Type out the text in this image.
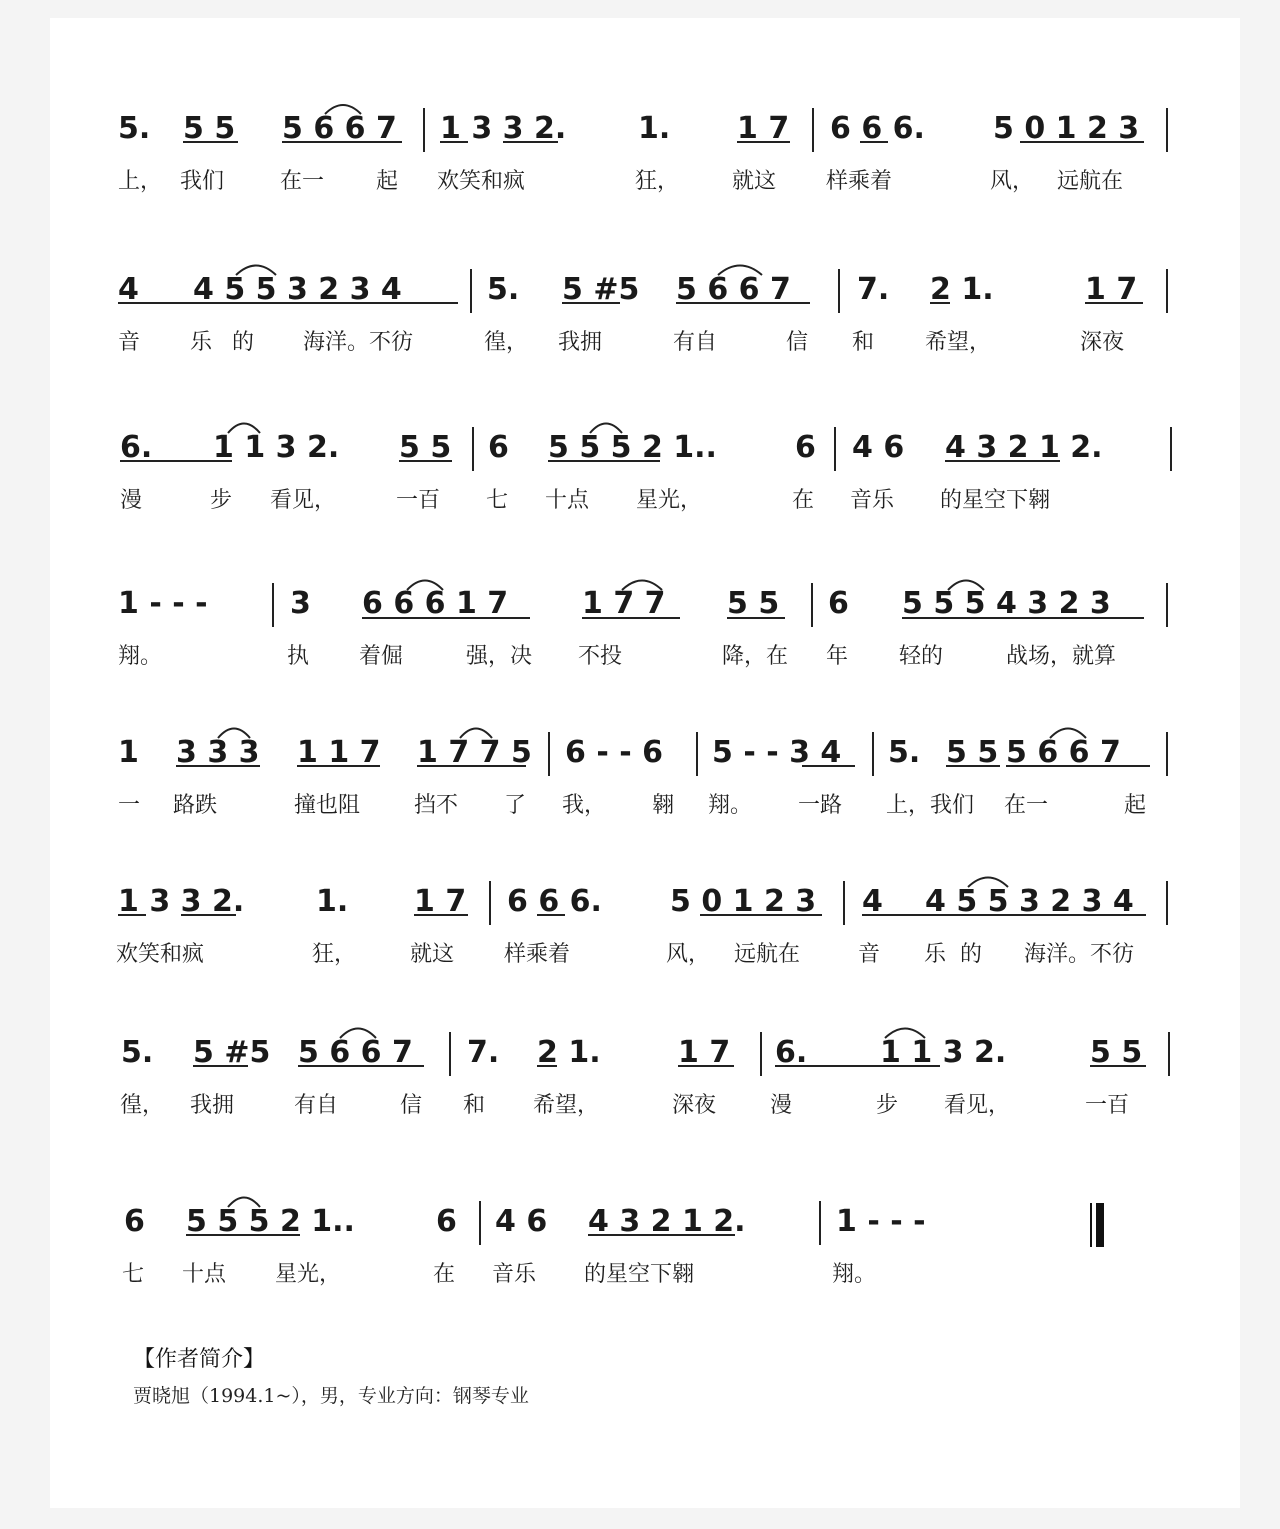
5. 5 5 5 6 6 7 1 3 3 2. 1. 1 7 6 6 6. 5 0 1 2 3
上， 我们	在一 起 欢笑和疯	狂， 就这 样乘着	风， 远航在
4 4 5 5 3 2 3 4	5. 5 #5 5 6 6 7 7. 2 1.	1 7
音 乐 的 海洋。不彷	徨， 我拥	有自	信 和 希望，	深夜
6. 1 1 3 2. 5 5 6 5 5 5 2 1..	6 4 6 4 3 2 1 2.
漫	步 看见，	一百 七 十点 星光，	在 音乐 的星空下翱
1 - - -	3 6 6 6 1 7 1 7 7 5 5 6 5 5 5 4 3 2 3
翔。	执 着倔	强，决 不投	降，在 年 轻的	战场，就算
1 3 3 3 1 1 7 1 7 7 5 6 - - 6 5 - - 3 4 5. 5 5 5 6 6 7
一 路跌	撞也阻 挡不 了 我， 翱 翔。 一路 上，我们 在一	起
1 3 3 2. 1. 1 7 6 6 6. 5 0 1 2 3 4 4 5 5 3 2 3 4
欢笑和疯	狂， 就这 样乘着	风， 远航在	音 乐 的 海洋。不彷
5. 5 #5 5 6 6 7 7. 2 1.	1 7 6. 1 1 3 2.	5 5
徨， 我拥	有自	信 和 希望，	深夜 漫	步 看见，	一百
6 5 5 5 2 1..	6 4 6 4 3 2 1 2.	1 - - -
七 十点 星光，	在 音乐 的星空下翱	翔。
【作者简介】
贾晓旭（1994.1~），男，专业方向：钢琴专业
